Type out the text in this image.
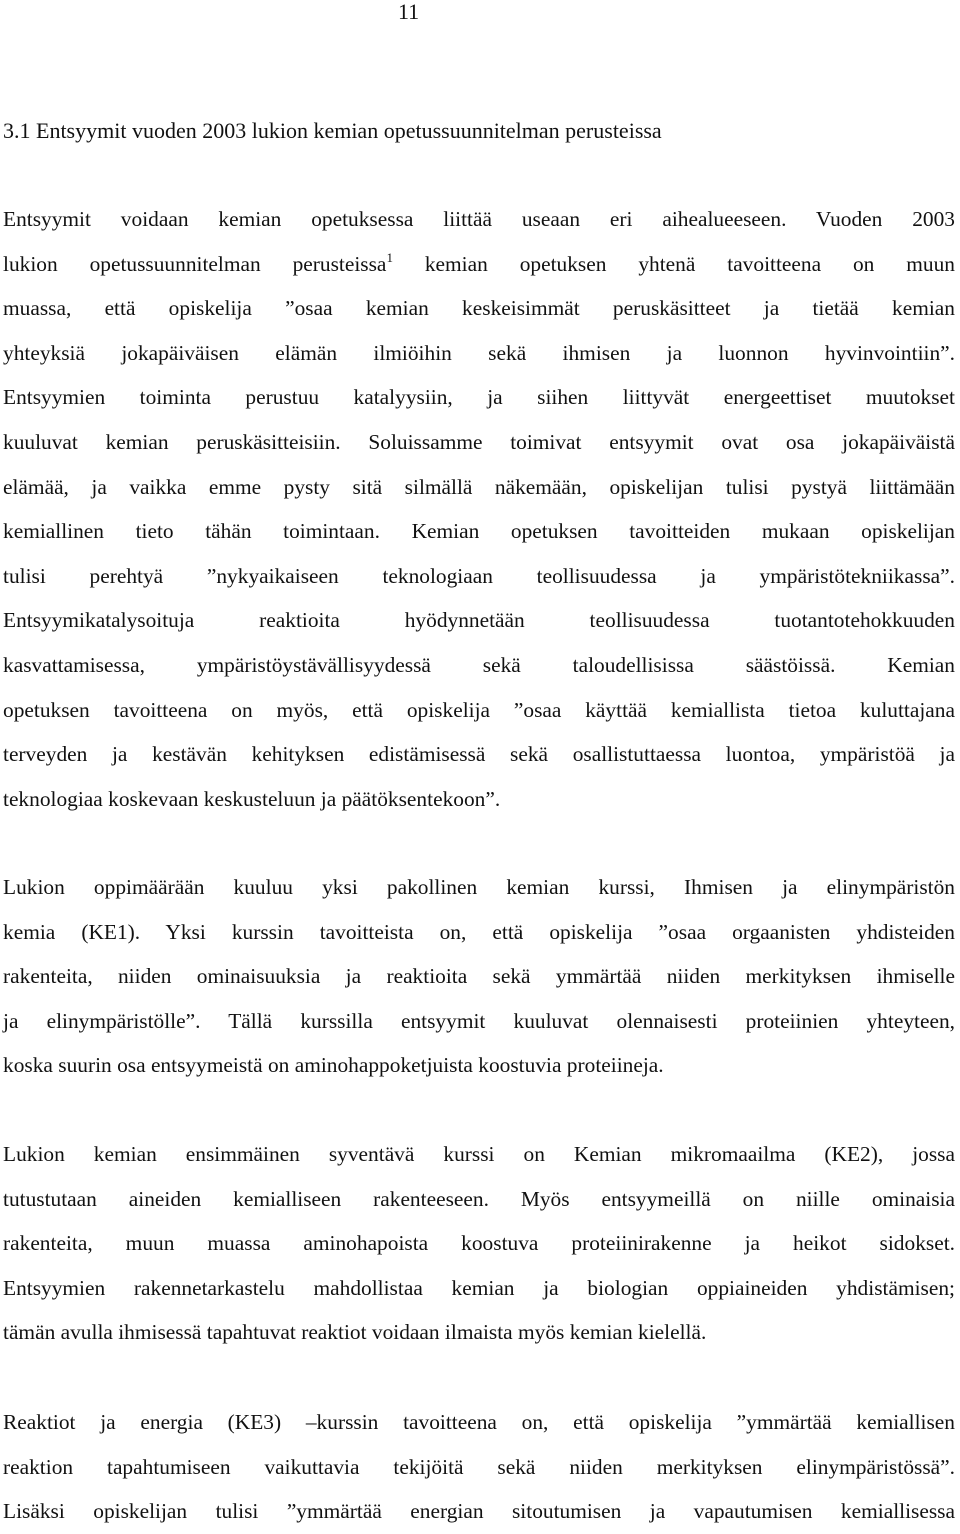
11
3.1 Entsyymit vuoden 2003 lukion kemian opetussuunnitelman perusteissa
Entsyymit voidaan kemian opetuksessa liittää useaan eri aihealueeseen. Vuoden 2003
lukion opetussuunnitelman perusteissa$^1$ kemian opetuksen yhtenä tavoitteena on muun
muassa, että opiskelija ”osaa kemian keskeisimmät peruskäsitteet ja tietää kemian
yhteyksiä jokapäiväisen elämän ilmiöihin sekä ihmisen ja luonnon hyvinvointiin”.
Entsyymien toiminta perustuu katalyysiin, ja siihen liittyvät energeettiset muutokset
kuuluvat kemian peruskäsitteisiin. Soluissamme toimivat entsyymit ovat osa jokapäiväistä
elämää, ja vaikka emme pysty sitä silmällä näkemään, opiskelijan tulisi pystyä liittämään
kemiallinen tieto tähän toimintaan. Kemian opetuksen tavoitteiden mukaan opiskelijan
tulisi perehtyä ”nykyaikaiseen teknologiaan teollisuudessa ja ympäristötekniikassa”.
Entsyymikatalysoituja reaktioita hyödynnetään teollisuudessa tuotantotehokkuuden
kasvattamisessa, ympäristöystävällisyydessä sekä taloudellisissa säästöissä. Kemian
opetuksen tavoitteena on myös, että opiskelija ”osaa käyttää kemiallista tietoa kuluttajana
terveyden ja kestävän kehityksen edistämisessä sekä osallistuttaessa luontoa, ympäristöä ja
teknologiaa koskevaan keskusteluun ja päätöksentekoon”.
Lukion oppimäärään kuuluu yksi pakollinen kemian kurssi, Ihmisen ja elinympäristön
kemia (KE1). Yksi kurssin tavoitteista on, että opiskelija ”osaa orgaanisten yhdisteiden
rakenteita, niiden ominaisuuksia ja reaktioita sekä ymmärtää niiden merkityksen ihmiselle
ja elinympäristölle”. Tällä kurssilla entsyymit kuuluvat olennaisesti proteiinien yhteyteen,
koska suurin osa entsyymeistä on aminohappoketjuista koostuvia proteiineja.
Lukion kemian ensimmäinen syventävä kurssi on Kemian mikromaailma (KE2), jossa
tutustutaan aineiden kemialliseen rakenteeseen. Myös entsyymeillä on niille ominaisia
rakenteita, muun muassa aminohapoista koostuva proteiinirakenne ja heikot sidokset.
Entsyymien rakennetarkastelu mahdollistaa kemian ja biologian oppiaineiden yhdistämisen;
tämän avulla ihmisessä tapahtuvat reaktiot voidaan ilmaista myös kemian kielellä.
Reaktiot ja energia (KE3) –kurssin tavoitteena on, että opiskelija ”ymmärtää kemiallisen
reaktion tapahtumiseen vaikuttavia tekijöitä sekä niiden merkityksen elinympäristössä”.
Lisäksi opiskelijan tulisi ”ymmärtää energian sitoutumisen ja vapautumisen kemiallisessa
